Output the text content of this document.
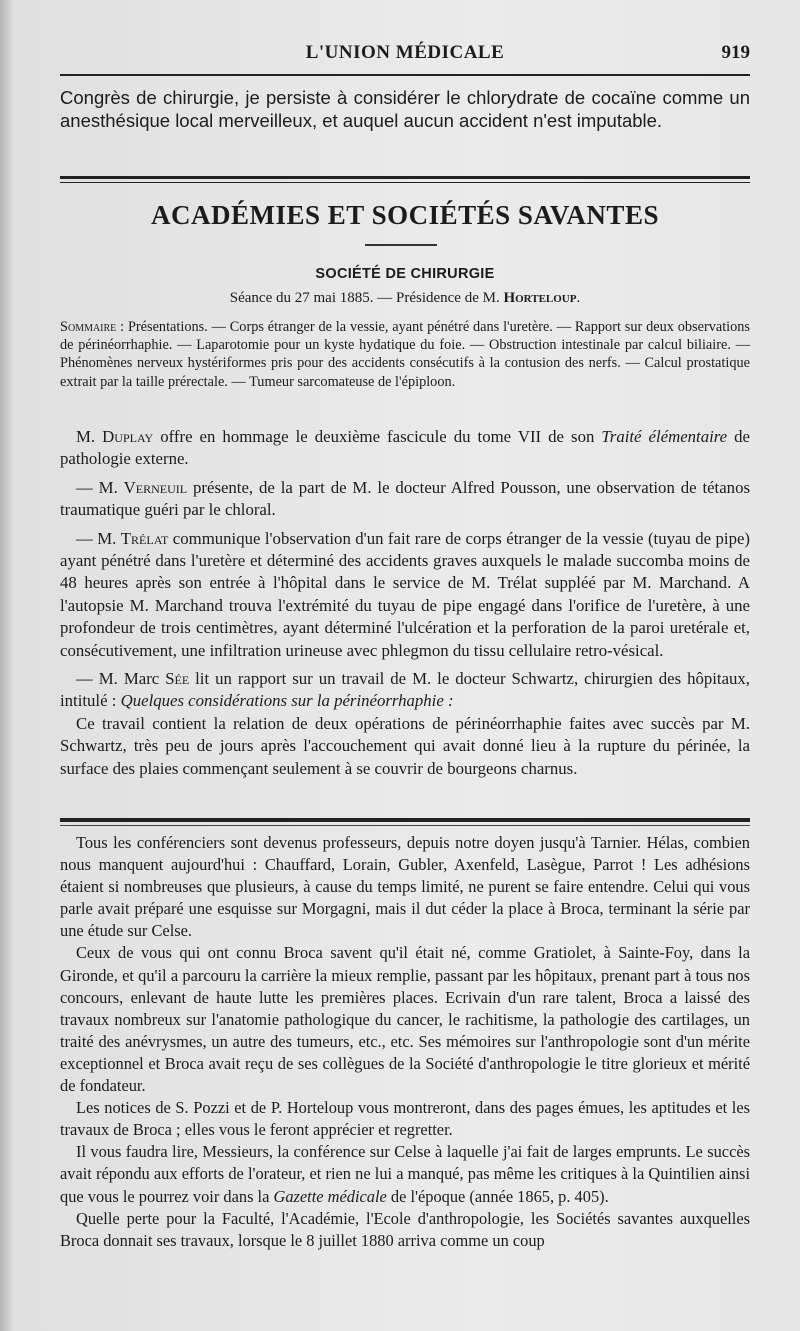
L'UNION MÉDICALE	919
Congrès de chirurgie, je persiste à considérer le chlorydrate de cocaïne comme un anesthésique local merveilleux, et auquel aucun accident n'est imputable.
ACADÉMIES ET SOCIÉTÉS SAVANTES
SOCIÉTÉ DE CHIRURGIE
Séance du 27 mai 1885. — Présidence de M. Horteloup.
Sommaire : Présentations. — Corps étranger de la vessie, ayant pénétré dans l'uretère. — Rapport sur deux observations de périnéorrhaphie. — Laparotomie pour un kyste hydatique du foie. — Obstruction intestinale par calcul biliaire. — Phénomènes nerveux hystériformes pris pour des accidents consécutifs à la contusion des nerfs. — Calcul prostatique extrait par la taille prérectale. — Tumeur sarcomateuse de l'épiploon.

M. Duplay offre en hommage le deuxième fascicule du tome VII de son Traité élémentaire de pathologie externe.

— M. Verneuil présente, de la part de M. le docteur Alfred Pousson, une observation de tétanos traumatique guéri par le chloral.

— M. Trélat communique l'observation d'un fait rare de corps étranger de la vessie (tuyau de pipe) ayant pénétré dans l'uretère et déterminé des accidents graves auxquels le malade succomba moins de 48 heures après son entrée à l'hôpital dans le service de M. Trélat suppléé par M. Marchand. A l'autopsie M. Marchand trouva l'extrémité du tuyau de pipe engagé dans l'orifice de l'uretère, à une profondeur de trois centimètres, ayant déterminé l'ulcération et la perforation de la paroi uretérale et, consécutivement, une infiltration urineuse avec phlegmon du tissu cellulaire retro-vésical.

— M. Marc Sée lit un rapport sur un travail de M. le docteur Schwartz, chirurgien des hôpitaux, intitulé : Quelques considérations sur la périnéorrhaphie :

Ce travail contient la relation de deux opérations de périnéorrhaphie faites avec succès par M. Schwartz, très peu de jours après l'accouchement qui avait donné lieu à la rupture du périnée, la surface des plaies commençant seulement à se couvrir de bourgeons charnus.

Tous les conférenciers sont devenus professeurs, depuis notre doyen jusqu'à Tarnier. Hélas, combien nous manquent aujourd'hui : Chauffard, Lorain, Gubler, Axenfeld, Lasègue, Parrot ! Les adhésions étaient si nombreuses que plusieurs, à cause du temps limité, ne purent se faire entendre. Celui qui vous parle avait préparé une esquisse sur Morgagni, mais il dut céder la place à Broca, terminant la série par une étude sur Celse.

Ceux de vous qui ont connu Broca savent qu'il était né, comme Gratiolet, à Sainte-Foy, dans la Gironde, et qu'il a parcouru la carrière la mieux remplie, passant par les hôpitaux, prenant part à tous nos concours, enlevant de haute lutte les premières places. Ecrivain d'un rare talent, Broca a laissé des travaux nombreux sur l'anatomie pathologique du cancer, le rachitisme, la pathologie des cartilages, un traité des anévrysmes, un autre des tumeurs, etc., etc. Ses mémoires sur l'anthropologie sont d'un mérite exceptionnel et Broca avait reçu de ses collègues de la Société d'anthropologie le titre glorieux et mérité de fondateur.

Les notices de S. Pozzi et de P. Horteloup vous montreront, dans des pages émues, les aptitudes et les travaux de Broca ; elles vous le feront apprécier et regretter.

Il vous faudra lire, Messieurs, la conférence sur Celse à laquelle j'ai fait de larges emprunts. Le succès avait répondu aux efforts de l'orateur, et rien ne lui a manqué, pas même les critiques à la Quintilien ainsi que vous le pourrez voir dans la Gazette médicale de l'époque (année 1865, p. 405).

Quelle perte pour la Faculté, l'Académie, l'Ecole d'anthropologie, les Sociétés savantes auxquelles Broca donnait ses travaux, lorsque le 8 juillet 1880 arriva comme un coup
